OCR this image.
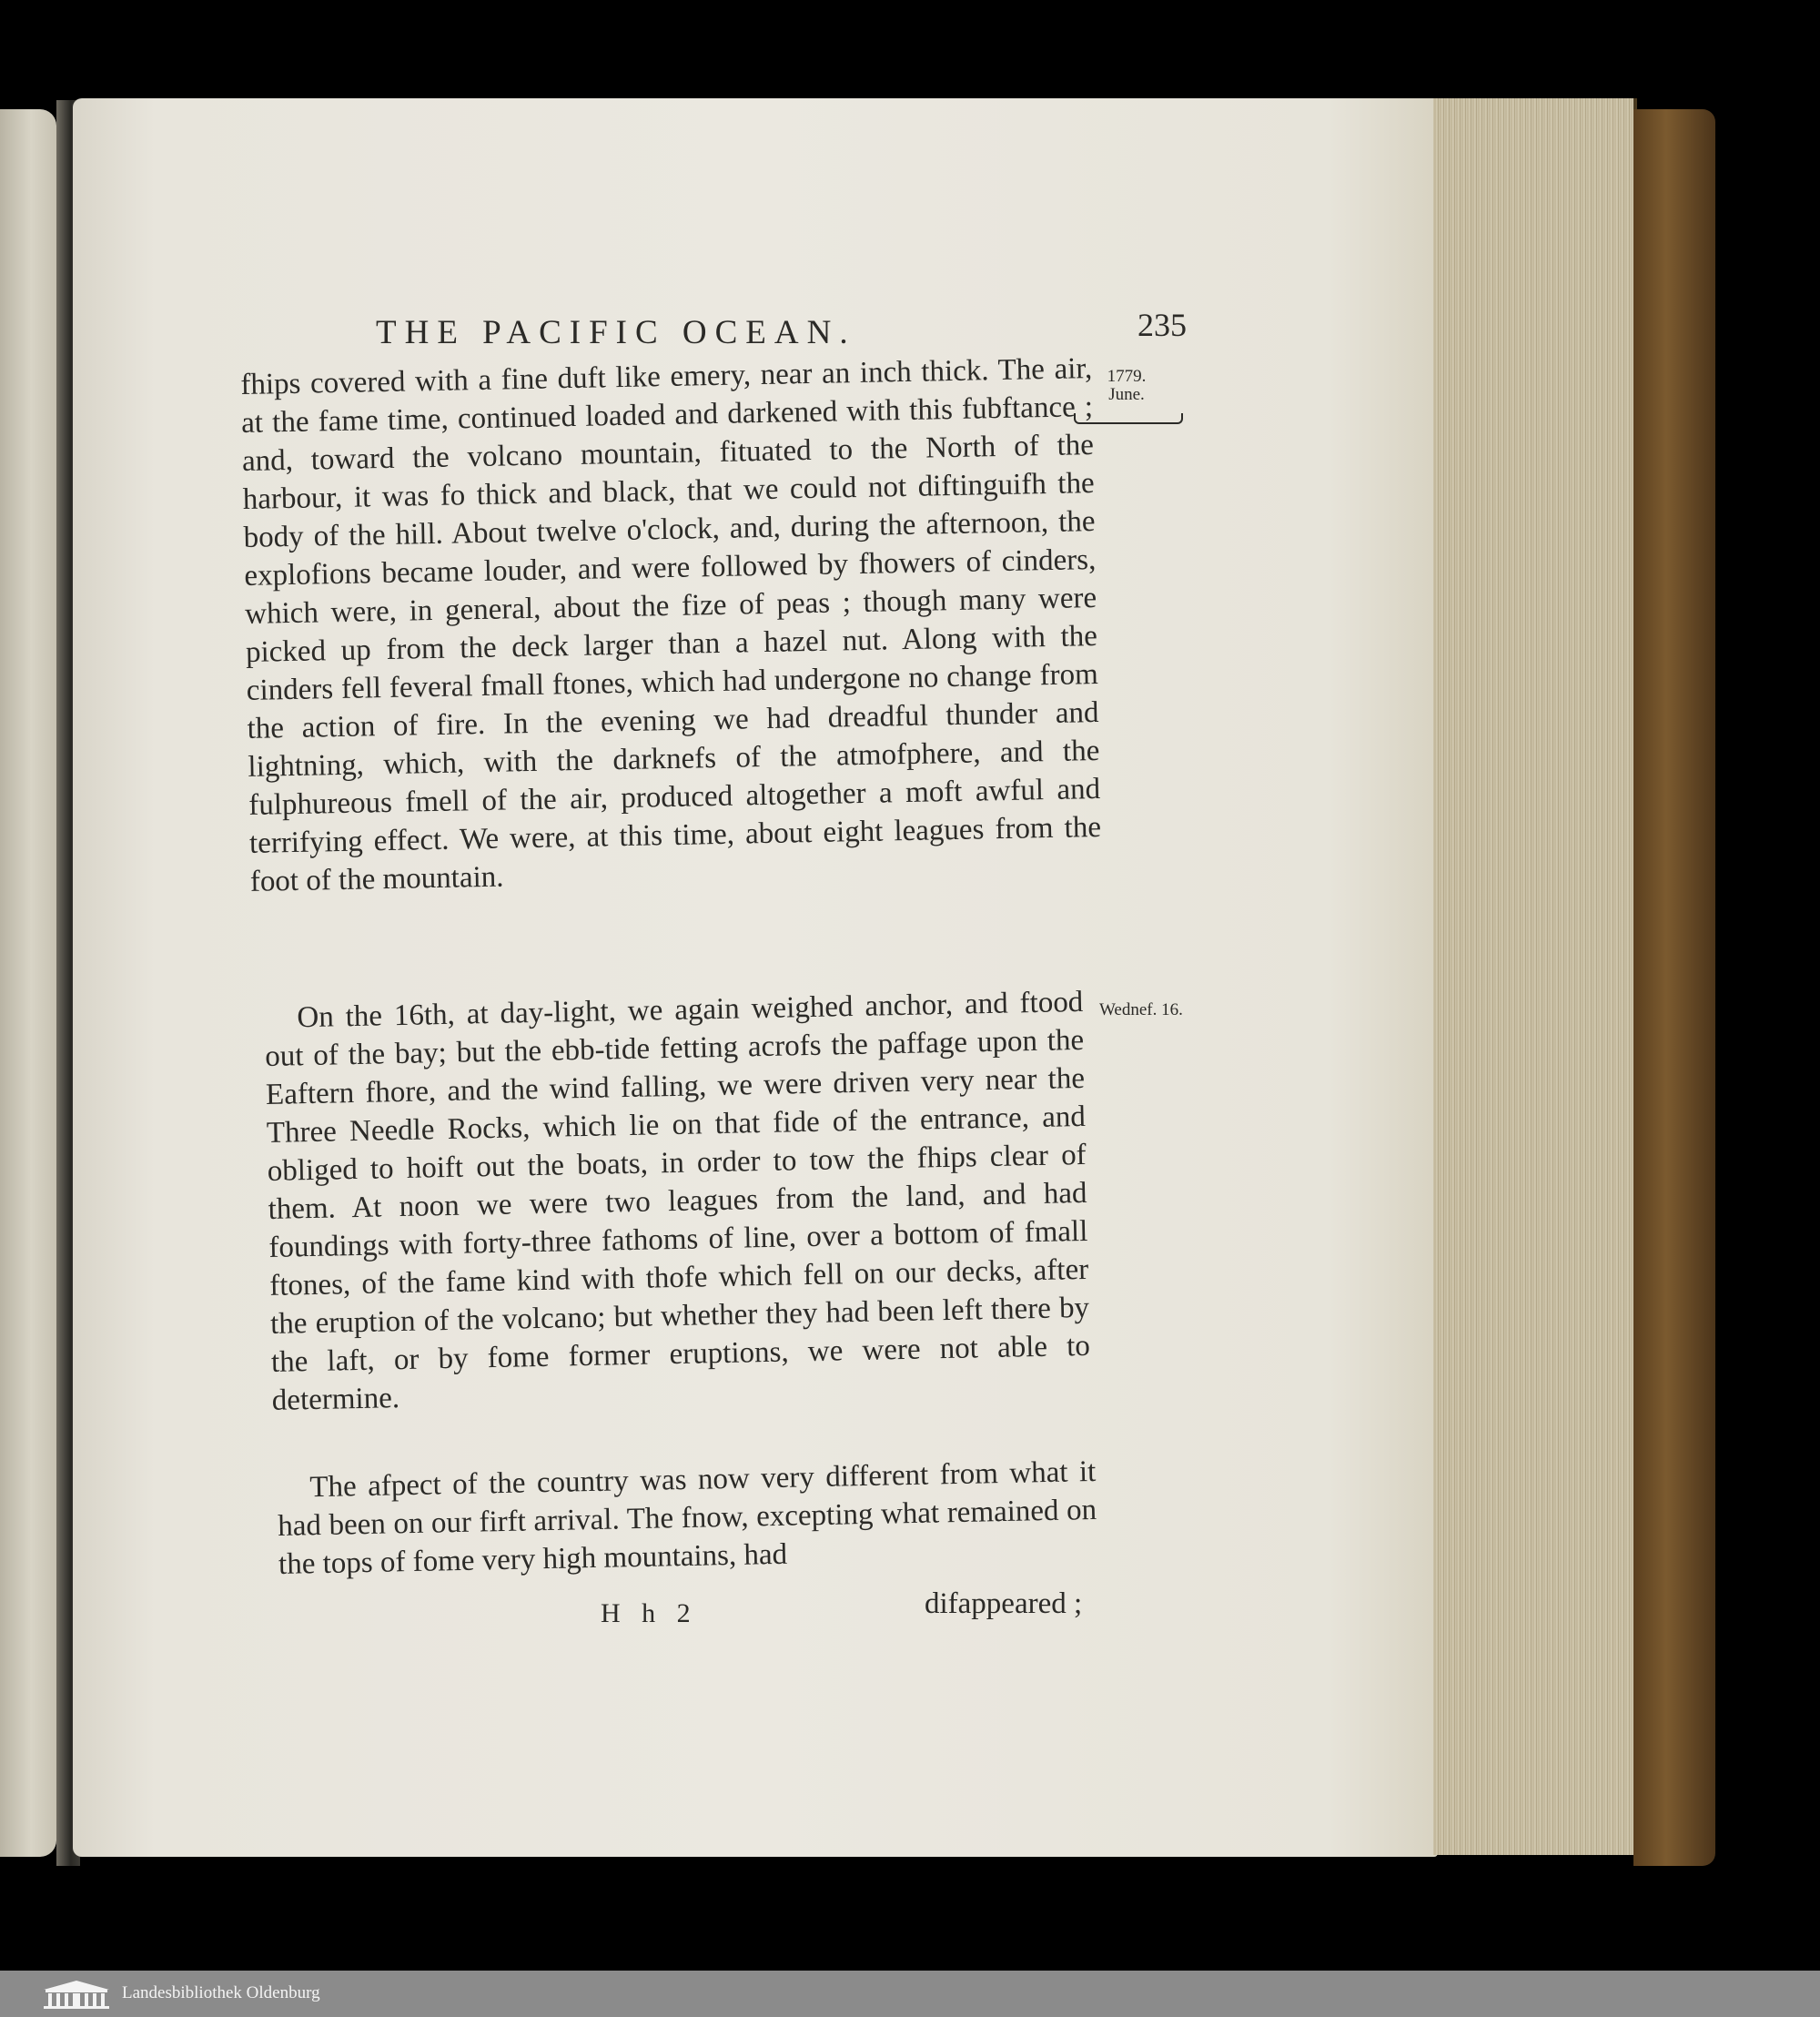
THE PACIFIC OCEAN.	235
1779.
June.
Wednef. 16.

fhips covered with a fine duft like emery, near an inch thick. The air, at the fame time, continued loaded and darkened with this fubftance ; and, toward the volcano mountain, fituated to the North of the harbour, it was fo thick and black, that we could not diftinguifh the body of the hill. About twelve o'clock, and, during the afternoon, the explofions became louder, and were followed by fhowers of cinders, which were, in general, about the fize of peas ; though many were picked up from the deck larger than a hazel nut. Along with the cinders fell feveral fmall ftones, which had undergone no change from the action of fire. In the evening we had dreadful thunder and lightning, which, with the darknefs of the atmofphere, and the fulphureous fmell of the air, produced altogether a moft awful and terrifying effect. We were, at this time, about eight leagues from the foot of the mountain.

On the 16th, at day-light, we again weighed anchor, and ftood out of the bay; but the ebb-tide fetting acrofs the paffage upon the Eaftern fhore, and the wind falling, we were driven very near the Three Needle Rocks, which lie on that fide of the entrance, and obliged to hoift out the boats, in order to tow the fhips clear of them. At noon we were two leagues from the land, and had foundings with forty-three fathoms of line, over a bottom of fmall ftones, of the fame kind with thofe which fell on our decks, after the eruption of the volcano; but whether they had been left there by the laft, or by fome former eruptions, we were not able to determine.

The afpect of the country was now very different from what it had been on our firft arrival. The fnow, excepting what remained on the tops of fome very high mountains, had

H h 2	difappeared ;
Landesbibliothek Oldenburg
